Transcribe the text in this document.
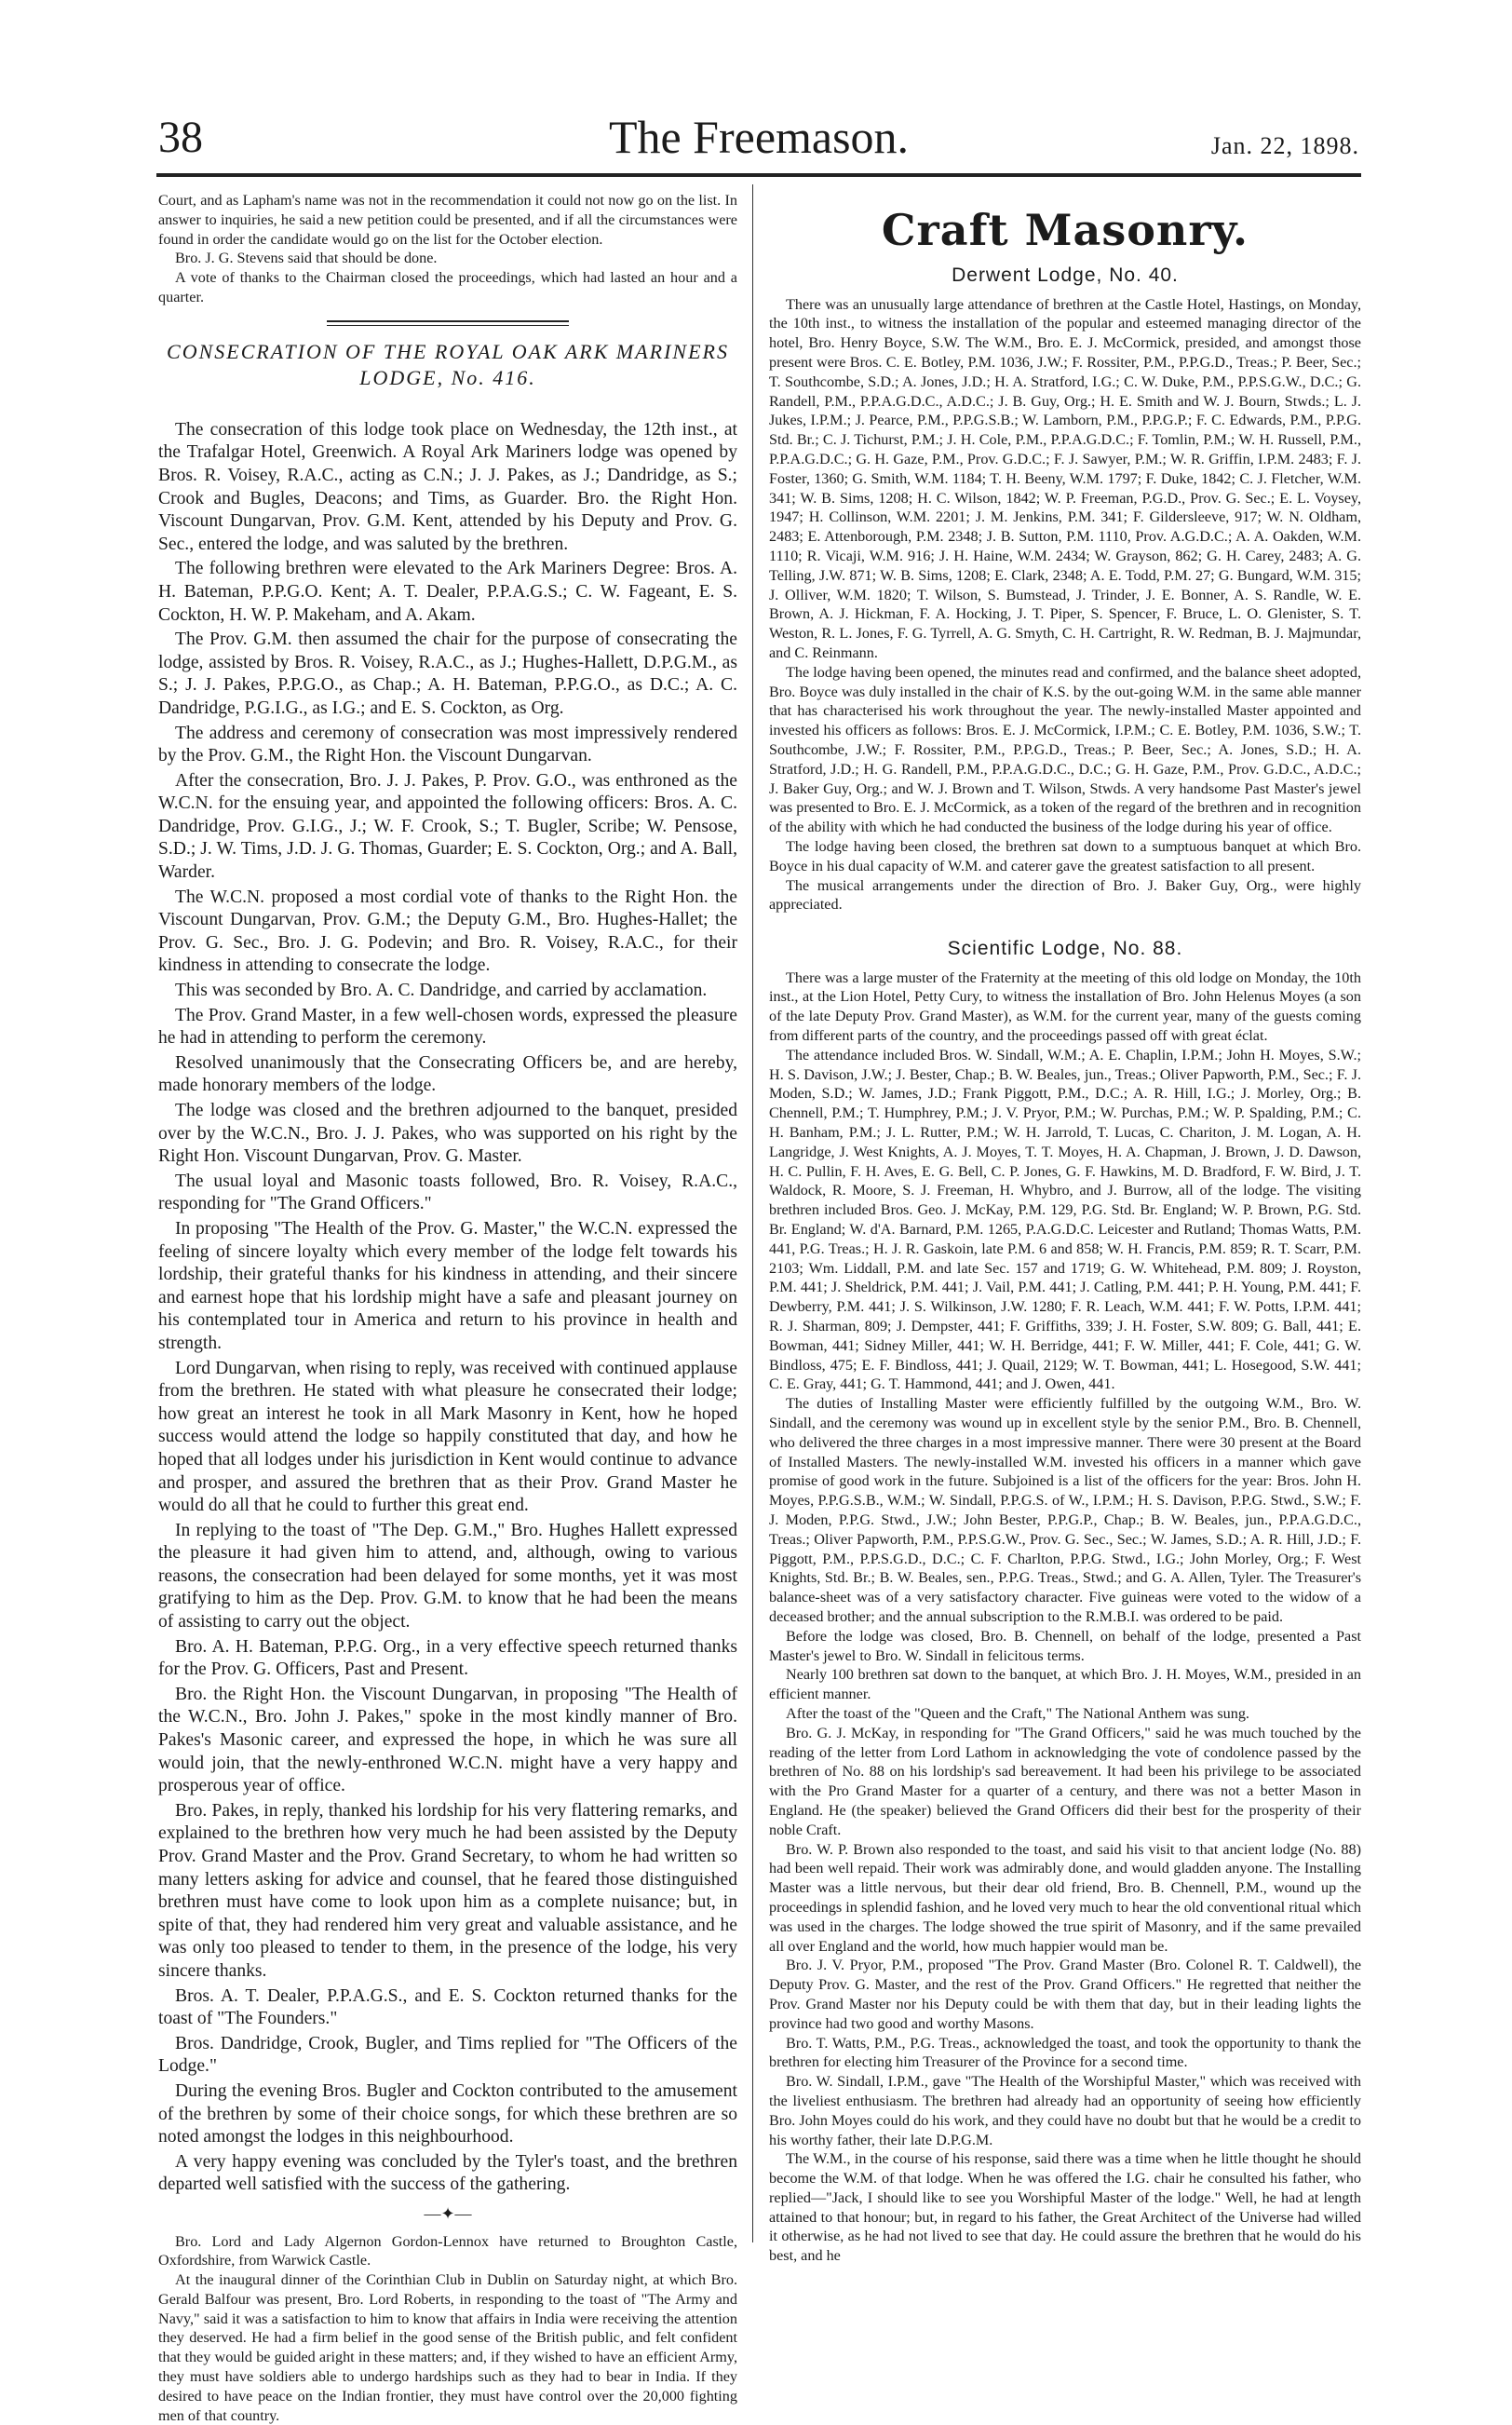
38	The Freemason.	Jan. 22, 1898.

Court, and as Lapham's name was not in the recommendation it could not now go on the list. In answer to inquiries, he said a new petition could be presented, and if all the circumstances were found in order the candidate would go on the list for the October election.

Bro. J. G. Stevens said that should be done.

A vote of thanks to the Chairman closed the proceedings, which had lasted an hour and a quarter.

CONSECRATION OF THE ROYAL OAK ARK MARINERS LODGE, No. 416.

The consecration of this lodge took place on Wednesday, the 12th inst., at the Trafalgar Hotel, Greenwich. A Royal Ark Mariners lodge was opened by Bros. R. Voisey, R.A.C., acting as C.N.; J. J. Pakes, as J.; Dandridge, as S.; Crook and Bugles, Deacons; and Tims, as Guarder. Bro. the Right Hon. Viscount Dungarvan, Prov. G.M. Kent, attended by his Deputy and Prov. G. Sec., entered the lodge, and was saluted by the brethren.

The following brethren were elevated to the Ark Mariners Degree: Bros. A. H. Bateman, P.P.G.O. Kent; A. T. Dealer, P.P.A.G.S.; C. W. Fageant, E. S. Cockton, H. W. P. Makeham, and A. Akam.

The Prov. G.M. then assumed the chair for the purpose of consecrating the lodge, assisted by Bros. R. Voisey, R.A.C., as J.; Hughes-Hallett, D.P.G.M., as S.; J. J. Pakes, P.P.G.O., as Chap.; A. H. Bateman, P.P.G.O., as D.C.; A. C. Dandridge, P.G.I.G., as I.G.; and E. S. Cockton, as Org.

The address and ceremony of consecration was most impressively rendered by the Prov. G.M., the Right Hon. the Viscount Dungarvan.

After the consecration, Bro. J. J. Pakes, P. Prov. G.O., was enthroned as the W.C.N. for the ensuing year, and appointed the following officers: Bros. A. C. Dandridge, Prov. G.I.G., J.; W. F. Crook, S.; T. Bugler, Scribe; W. Pensose, S.D.; J. W. Tims, J.D. J. G. Thomas, Guarder; E. S. Cockton, Org.; and A. Ball, Warder.

The W.C.N. proposed a most cordial vote of thanks to the Right Hon. the Viscount Dungarvan, Prov. G.M.; the Deputy G.M., Bro. Hughes-Hallet; the Prov. G. Sec., Bro. J. G. Podevin; and Bro. R. Voisey, R.A.C., for their kindness in attending to consecrate the lodge.

This was seconded by Bro. A. C. Dandridge, and carried by acclamation.

The Prov. Grand Master, in a few well-chosen words, expressed the pleasure he had in attending to perform the ceremony.

Resolved unanimously that the Consecrating Officers be, and are hereby, made honorary members of the lodge.

The lodge was closed and the brethren adjourned to the banquet, presided over by the W.C.N., Bro. J. J. Pakes, who was supported on his right by the Right Hon. Viscount Dungarvan, Prov. G. Master.

The usual loyal and Masonic toasts followed, Bro. R. Voisey, R.A.C., responding for "The Grand Officers."

In proposing "The Health of the Prov. G. Master," the W.C.N. expressed the feeling of sincere loyalty which every member of the lodge felt towards his lordship, their grateful thanks for his kindness in attending, and their sincere and earnest hope that his lordship might have a safe and pleasant journey on his contemplated tour in America and return to his province in health and strength.

Lord Dungarvan, when rising to reply, was received with continued applause from the brethren. He stated with what pleasure he consecrated their lodge; how great an interest he took in all Mark Masonry in Kent, how he hoped success would attend the lodge so happily constituted that day, and how he hoped that all lodges under his jurisdiction in Kent would continue to advance and prosper, and assured the brethren that as their Prov. Grand Master he would do all that he could to further this great end.

In replying to the toast of "The Dep. G.M.," Bro. Hughes Hallett expressed the pleasure it had given him to attend, and, although, owing to various reasons, the consecration had been delayed for some months, yet it was most gratifying to him as the Dep. Prov. G.M. to know that he had been the means of assisting to carry out the object.

Bro. A. H. Bateman, P.P.G. Org., in a very effective speech returned thanks for the Prov. G. Officers, Past and Present.

Bro. the Right Hon. the Viscount Dungarvan, in proposing "The Health of the W.C.N., Bro. John J. Pakes," spoke in the most kindly manner of Bro. Pakes's Masonic career, and expressed the hope, in which he was sure all would join, that the newly-enthroned W.C.N. might have a very happy and prosperous year of office.

Bro. Pakes, in reply, thanked his lordship for his very flattering remarks, and explained to the brethren how very much he had been assisted by the Deputy Prov. Grand Master and the Prov. Grand Secretary, to whom he had written so many letters asking for advice and counsel, that he feared those distinguished brethren must have come to look upon him as a complete nuisance; but, in spite of that, they had rendered him very great and valuable assistance, and he was only too pleased to tender to them, in the presence of the lodge, his very sincere thanks.

Bros. A. T. Dealer, P.P.A.G.S., and E. S. Cockton returned thanks for the toast of "The Founders."

Bros. Dandridge, Crook, Bugler, and Tims replied for "The Officers of the Lodge."

During the evening Bros. Bugler and Cockton contributed to the amusement of the brethren by some of their choice songs, for which these brethren are so noted amongst the lodges in this neighbourhood.

A very happy evening was concluded by the Tyler's toast, and the brethren departed well satisfied with the success of the gathering.

—✦—

Bro. Lord and Lady Algernon Gordon-Lennox have returned to Broughton Castle, Oxfordshire, from Warwick Castle.

At the inaugural dinner of the Corinthian Club in Dublin on Saturday night, at which Bro. Gerald Balfour was present, Bro. Lord Roberts, in responding to the toast of "The Army and Navy," said it was a satisfaction to him to know that affairs in India were receiving the attention they deserved. He had a firm belief in the good sense of the British public, and felt confident that they would be guided aright in these matters; and, if they wished to have an efficient Army, they must have soldiers able to undergo hardships such as they had to bear in India. If they desired to have peace on the Indian frontier, they must have control over the 20,000 fighting men of that country.

Craft Masonry.
Derwent Lodge, No. 40.

There was an unusually large attendance of brethren at the Castle Hotel, Hastings, on Monday, the 10th inst., to witness the installation of the popular and esteemed managing director of the hotel, Bro. Henry Boyce, S.W. The W.M., Bro. E. J. McCormick, presided, and amongst those present were Bros. C. E. Botley, P.M. 1036, J.W.; F. Rossiter, P.M., P.P.G.D., Treas.; P. Beer, Sec.; T. Southcombe, S.D.; A. Jones, J.D.; H. A. Stratford, I.G.; C. W. Duke, P.M., P.P.S.G.W., D.C.; G. Randell, P.M., P.P.A.G.D.C., A.D.C.; J. B. Guy, Org.; H. E. Smith and W. J. Bourn, Stwds.; L. J. Jukes, I.P.M.; J. Pearce, P.M., P.P.G.S.B.; W. Lamborn, P.M., P.P.G.P.; F. C. Edwards, P.M., P.P.G. Std. Br.; C. J. Tichurst, P.M.; J. H. Cole, P.M., P.P.A.G.D.C.; F. Tomlin, P.M.; W. H. Russell, P.M., P.P.A.G.D.C.; G. H. Gaze, P.M., Prov. G.D.C.; F. J. Sawyer, P.M.; W. R. Griffin, I.P.M. 2483; F. J. Foster, 1360; G. Smith, W.M. 1184; T. H. Beeny, W.M. 1797; F. Duke, 1842; C. J. Fletcher, W.M. 341; W. B. Sims, 1208; H. C. Wilson, 1842; W. P. Freeman, P.G.D., Prov. G. Sec.; E. L. Voysey, 1947; H. Collinson, W.M. 2201; J. M. Jenkins, P.M. 341; F. Gildersleeve, 917; W. N. Oldham, 2483; E. Attenborough, P.M. 2348; J. B. Sutton, P.M. 1110, Prov. A.G.D.C.; A. A. Oakden, W.M. 1110; R. Vicaji, W.M. 916; J. H. Haine, W.M. 2434; W. Grayson, 862; G. H. Carey, 2483; A. G. Telling, J.W. 871; W. B. Sims, 1208; E. Clark, 2348; A. E. Todd, P.M. 27; G. Bungard, W.M. 315; J. Olliver, W.M. 1820; T. Wilson, S. Bumstead, J. Trinder, J. E. Bonner, A. S. Randle, W. E. Brown, A. J. Hickman, F. A. Hocking, J. T. Piper, S. Spencer, F. Bruce, L. O. Glenister, S. T. Weston, R. L. Jones, F. G. Tyrrell, A. G. Smyth, C. H. Cartright, R. W. Redman, B. J. Majmundar, and C. Reinmann.

The lodge having been opened, the minutes read and confirmed, and the balance sheet adopted, Bro. Boyce was duly installed in the chair of K.S. by the out-going W.M. in the same able manner that has characterised his work throughout the year. The newly-installed Master appointed and invested his officers as follows: Bros. E. J. McCormick, I.P.M.; C. E. Botley, P.M. 1036, S.W.; T. Southcombe, J.W.; F. Rossiter, P.M., P.P.G.D., Treas.; P. Beer, Sec.; A. Jones, S.D.; H. A. Stratford, J.D.; H. G. Randell, P.M., P.P.A.G.D.C., D.C.; G. H. Gaze, P.M., Prov. G.D.C., A.D.C.; J. Baker Guy, Org.; and W. J. Brown and T. Wilson, Stwds. A very handsome Past Master's jewel was presented to Bro. E. J. McCormick, as a token of the regard of the brethren and in recognition of the ability with which he had conducted the business of the lodge during his year of office.

The lodge having been closed, the brethren sat down to a sumptuous banquet at which Bro. Boyce in his dual capacity of W.M. and caterer gave the greatest satisfaction to all present.

The musical arrangements under the direction of Bro. J. Baker Guy, Org., were highly appreciated.

Scientific Lodge, No. 88.

There was a large muster of the Fraternity at the meeting of this old lodge on Monday, the 10th inst., at the Lion Hotel, Petty Cury, to witness the installation of Bro. John Helenus Moyes (a son of the late Deputy Prov. Grand Master), as W.M. for the current year, many of the guests coming from different parts of the country, and the proceedings passed off with great éclat.

The attendance included Bros. W. Sindall, W.M.; A. E. Chaplin, I.P.M.; John H. Moyes, S.W.; H. S. Davison, J.W.; J. Bester, Chap.; B. W. Beales, jun., Treas.; Oliver Papworth, P.M., Sec.; F. J. Moden, S.D.; W. James, J.D.; Frank Piggott, P.M., D.C.; A. R. Hill, I.G.; J. Morley, Org.; B. Chennell, P.M.; T. Humphrey, P.M.; J. V. Pryor, P.M.; W. Purchas, P.M.; W. P. Spalding, P.M.; C. H. Banham, P.M.; J. L. Rutter, P.M.; W. H. Jarrold, T. Lucas, C. Chariton, J. M. Logan, A. H. Langridge, J. West Knights, A. J. Moyes, T. T. Moyes, H. A. Chapman, J. Brown, J. D. Dawson, H. C. Pullin, F. H. Aves, E. G. Bell, C. P. Jones, G. F. Hawkins, M. D. Bradford, F. W. Bird, J. T. Waldock, R. Moore, S. J. Freeman, H. Whybro, and J. Burrow, all of the lodge. The visiting brethren included Bros. Geo. J. McKay, P.M. 129, P.G. Std. Br. England; W. P. Brown, P.G. Std. Br. England; W. d'A. Barnard, P.M. 1265, P.A.G.D.C. Leicester and Rutland; Thomas Watts, P.M. 441, P.G. Treas.; H. J. R. Gaskoin, late P.M. 6 and 858; W. H. Francis, P.M. 859; R. T. Scarr, P.M. 2103; Wm. Liddall, P.M. and late Sec. 157 and 1719; G. W. Whitehead, P.M. 809; J. Royston, P.M. 441; J. Sheldrick, P.M. 441; J. Vail, P.M. 441; J. Catling, P.M. 441; P. H. Young, P.M. 441; F. Dewberry, P.M. 441; J. S. Wilkinson, J.W. 1280; F. R. Leach, W.M. 441; F. W. Potts, I.P.M. 441; R. J. Sharman, 809; J. Dempster, 441; F. Griffiths, 339; J. H. Foster, S.W. 809; G. Ball, 441; E. Bowman, 441; Sidney Miller, 441; W. H. Berridge, 441; F. W. Miller, 441; F. Cole, 441; G. W. Bindloss, 475; E. F. Bindloss, 441; J. Quail, 2129; W. T. Bowman, 441; L. Hosegood, S.W. 441; C. E. Gray, 441; G. T. Hammond, 441; and J. Owen, 441.

The duties of Installing Master were efficiently fulfilled by the outgoing W.M., Bro. W. Sindall, and the ceremony was wound up in excellent style by the senior P.M., Bro. B. Chennell, who delivered the three charges in a most impressive manner. There were 30 present at the Board of Installed Masters. The newly-installed W.M. invested his officers in a manner which gave promise of good work in the future. Subjoined is a list of the officers for the year: Bros. John H. Moyes, P.P.G.S.B., W.M.; W. Sindall, P.P.G.S. of W., I.P.M.; H. S. Davison, P.P.G. Stwd., S.W.; F. J. Moden, P.P.G. Stwd., J.W.; John Bester, P.P.G.P., Chap.; B. W. Beales, jun., P.P.A.G.D.C., Treas.; Oliver Papworth, P.M., P.P.S.G.W., Prov. G. Sec., Sec.; W. James, S.D.; A. R. Hill, J.D.; F. Piggott, P.M., P.P.S.G.D., D.C.; C. F. Charlton, P.P.G. Stwd., I.G.; John Morley, Org.; F. West Knights, Std. Br.; B. W. Beales, sen., P.P.G. Treas., Stwd.; and G. A. Allen, Tyler. The Treasurer's balance-sheet was of a very satisfactory character. Five guineas were voted to the widow of a deceased brother; and the annual subscription to the R.M.B.I. was ordered to be paid.

Before the lodge was closed, Bro. B. Chennell, on behalf of the lodge, presented a Past Master's jewel to Bro. W. Sindall in felicitous terms.

Nearly 100 brethren sat down to the banquet, at which Bro. J. H. Moyes, W.M., presided in an efficient manner.

After the toast of the "Queen and the Craft," The National Anthem was sung.

Bro. G. J. McKay, in responding for "The Grand Officers," said he was much touched by the reading of the letter from Lord Lathom in acknowledging the vote of condolence passed by the brethren of No. 88 on his lordship's sad bereavement. It had been his privilege to be associated with the Pro Grand Master for a quarter of a century, and there was not a better Mason in England. He (the speaker) believed the Grand Officers did their best for the prosperity of their noble Craft.

Bro. W. P. Brown also responded to the toast, and said his visit to that ancient lodge (No. 88) had been well repaid. Their work was admirably done, and would gladden anyone. The Installing Master was a little nervous, but their dear old friend, Bro. B. Chennell, P.M., wound up the proceedings in splendid fashion, and he loved very much to hear the old conventional ritual which was used in the charges. The lodge showed the true spirit of Masonry, and if the same prevailed all over England and the world, how much happier would man be.

Bro. J. V. Pryor, P.M., proposed "The Prov. Grand Master (Bro. Colonel R. T. Caldwell), the Deputy Prov. G. Master, and the rest of the Prov. Grand Officers." He regretted that neither the Prov. Grand Master nor his Deputy could be with them that day, but in their leading lights the province had two good and worthy Masons.

Bro. T. Watts, P.M., P.G. Treas., acknowledged the toast, and took the opportunity to thank the brethren for electing him Treasurer of the Province for a second time.

Bro. W. Sindall, I.P.M., gave "The Health of the Worshipful Master," which was received with the liveliest enthusiasm. The brethren had already had an opportunity of seeing how efficiently Bro. John Moyes could do his work, and they could have no doubt but that he would be a credit to his worthy father, their late D.P.G.M.

The W.M., in the course of his response, said there was a time when he little thought he should become the W.M. of that lodge. When he was offered the I.G. chair he consulted his father, who replied—"Jack, I should like to see you Worshipful Master of the lodge." Well, he had at length attained to that honour; but, in regard to his father, the Great Architect of the Universe had willed it otherwise, as he had not lived to see that day. He could assure the brethren that he would do his best, and he
